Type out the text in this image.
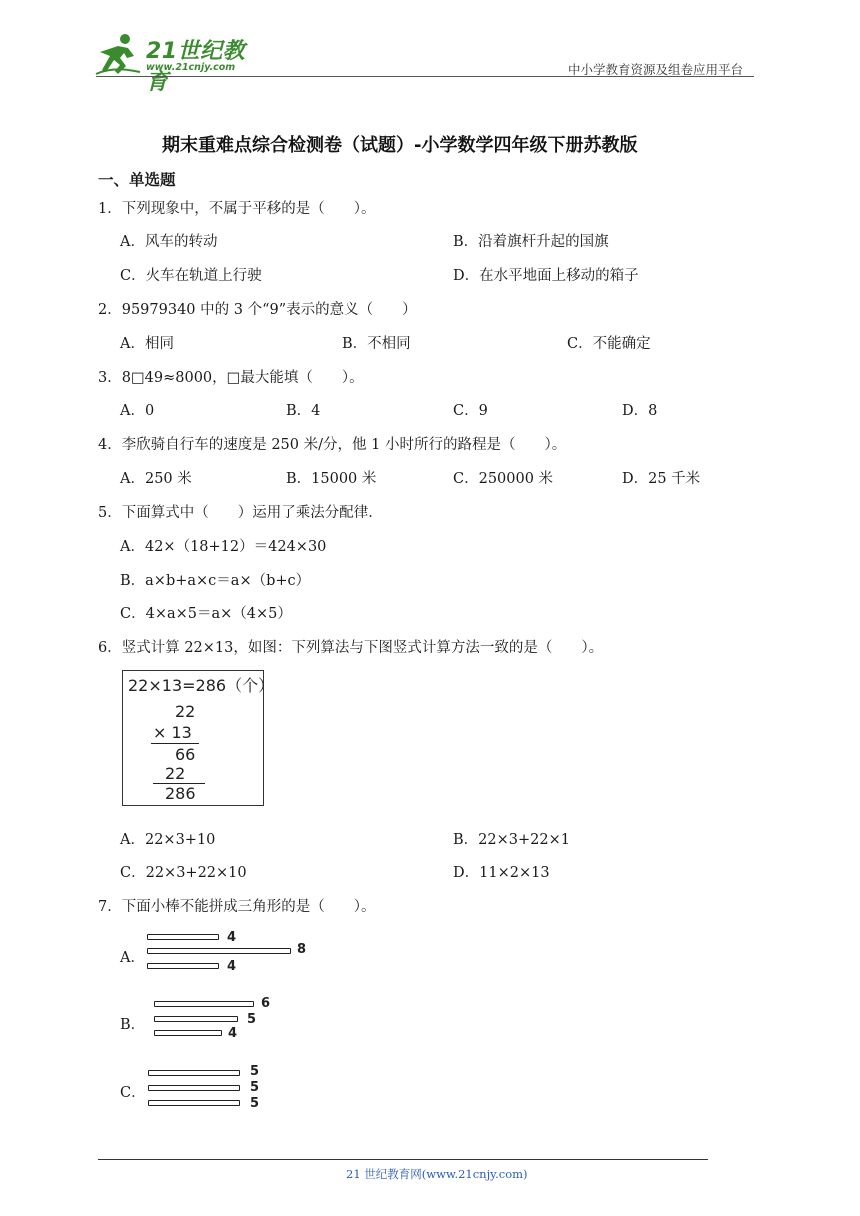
21世纪教育
www.21cnjy.com	中小学教育资源及组卷应用平台
期末重难点综合检测卷（试题）-小学数学四年级下册苏教版
一、单选题
1．下列现象中，不属于平移的是（　　）。
A．风车的转动	B．沿着旗杆升起的国旗
C．火车在轨道上行驶	D．在水平地面上移动的箱子
2．95979340 中的 3 个“9”表示的意义（　　）
A．相同	B．不相同	C．不能确定
3．8□49≈8000，□最大能填（　　）。
A．0	B．4	C．9	D．8
4．李欣骑自行车的速度是 250 米/分，他 1 小时所行的路程是（　　）。
A．250 米	B．15000 米	C．250000 米	D．25 千米
5．下面算式中（　　）运用了乘法分配律．
A．42×（18+12）＝424×30
B．a×b+a×c＝a×（b+c）
C．4×a×5＝a×（4×5）
6．竖式计算 22×13，如图：下列算法与下图竖式计算方法一致的是（　　）。
22×13=286（个）
22
× 13
66
22
286
A．22×3+10	B．22×3+22×1
C．22×3+22×10	D．11×2×13
7．下面小棒不能拼成三角形的是（　　）。
A．
4
8
4
B．
6
5
4
C．
5
5
5
21 世纪教育网(www.21cnjy.com)
